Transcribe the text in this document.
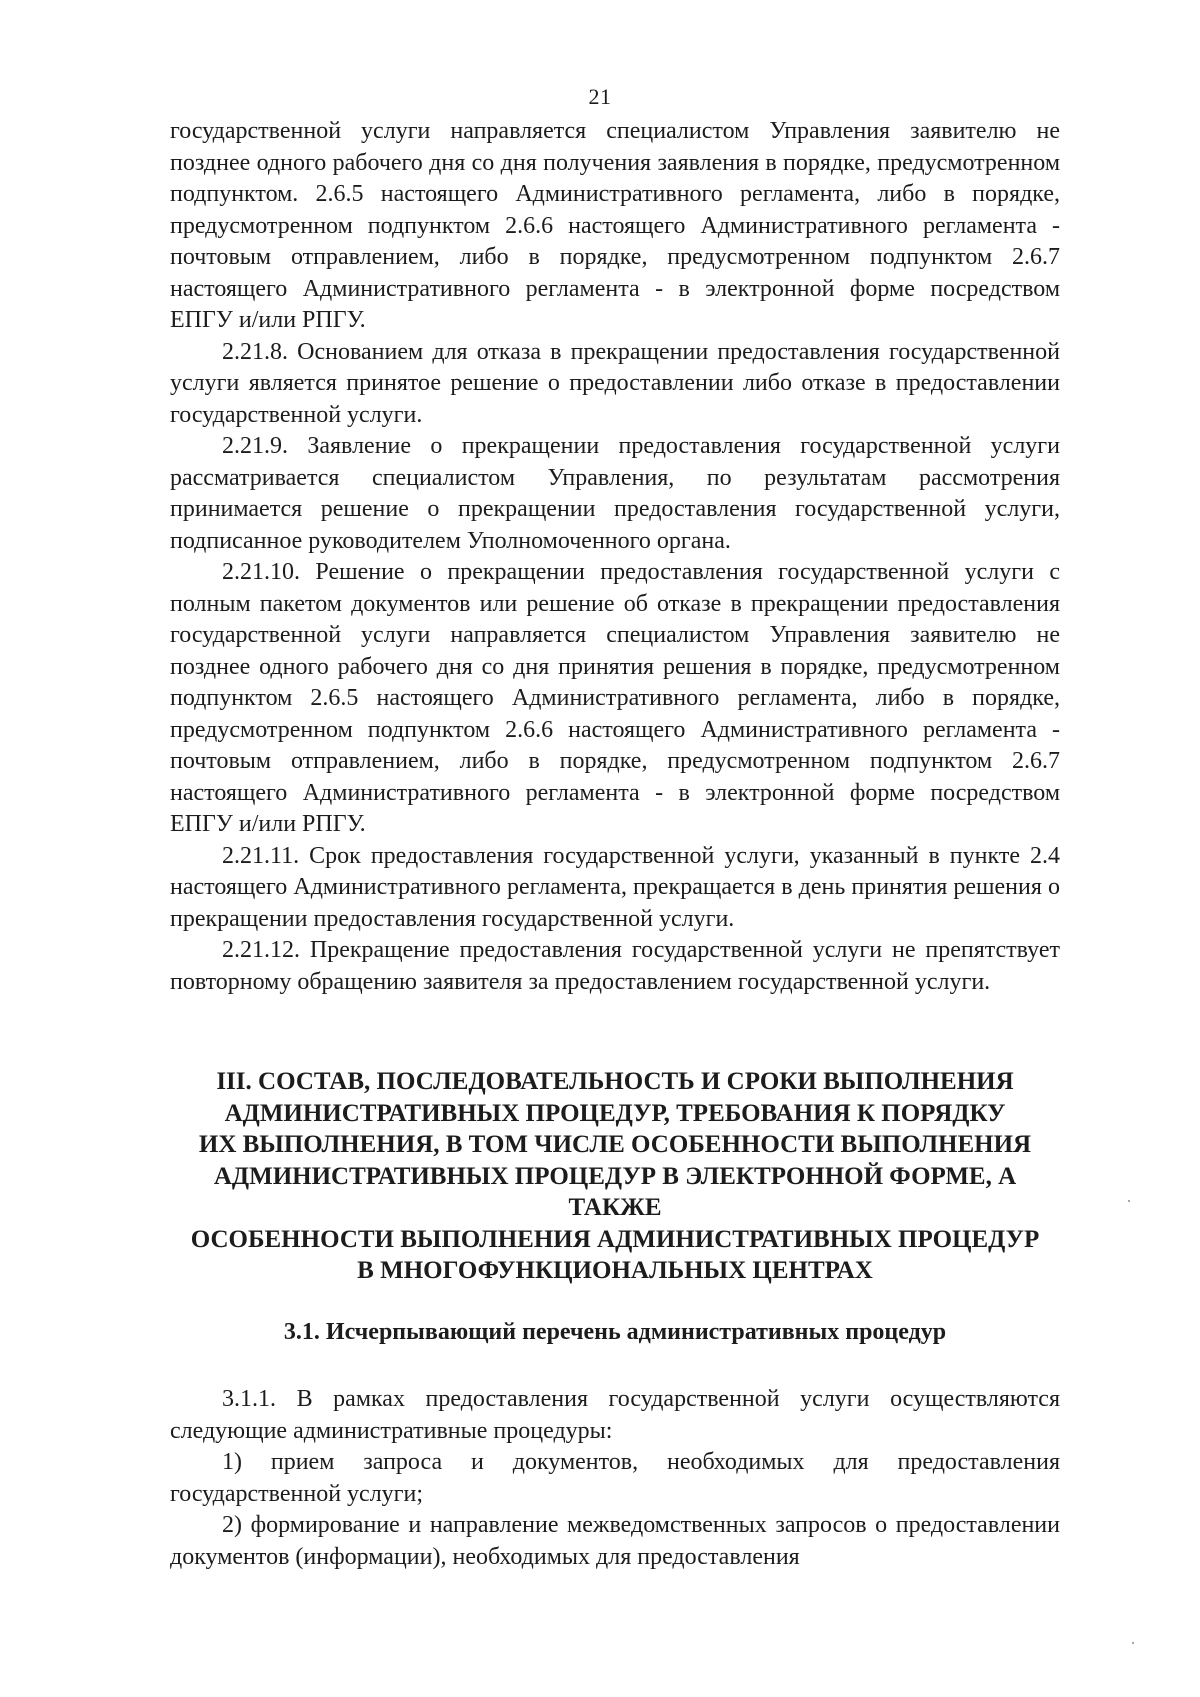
21

государственной услуги направляется специалистом Управления заявителю не позднее одного рабочего дня со дня получения заявления в порядке, предусмотренном подпунктом. 2.6.5 настоящего Административного регламента, либо в порядке, предусмотренном подпунктом 2.6.6 настоящего Административного регламента - почтовым отправлением, либо в порядке, предусмотренном подпунктом 2.6.7 настоящего Административного регламента - в электронной форме посредством ЕПГУ и/или РПГУ.

2.21.8. Основанием для отказа в прекращении предоставления государственной услуги является принятое решение о предоставлении либо отказе в предоставлении государственной услуги.

2.21.9. Заявление о прекращении предоставления государственной услуги рассматривается специалистом Управления, по результатам рассмотрения принимается решение о прекращении предоставления государственной услуги, подписанное руководителем Уполномоченного органа.

2.21.10. Решение о прекращении предоставления государственной услуги с полным пакетом документов или решение об отказе в прекращении предоставления государственной услуги направляется специалистом Управления заявителю не позднее одного рабочего дня со дня принятия решения в порядке, предусмотренном подпунктом 2.6.5 настоящего Административного регламента, либо в порядке, предусмотренном подпунктом 2.6.6 настоящего Административного регламента - почтовым отправлением, либо в порядке, предусмотренном подпунктом 2.6.7 настоящего Административного регламента - в электронной форме посредством ЕПГУ и/или РПГУ.

2.21.11. Срок предоставления государственной услуги, указанный в пункте 2.4 настоящего Административного регламента, прекращается в день принятия решения о прекращении предоставления государственной услуги.

2.21.12. Прекращение предоставления государственной услуги не препятствует повторному обращению заявителя за предоставлением государственной услуги.

III. СОСТАВ, ПОСЛЕДОВАТЕЛЬНОСТЬ И СРОКИ ВЫПОЛНЕНИЯ
АДМИНИСТРАТИВНЫХ ПРОЦЕДУР, ТРЕБОВАНИЯ К ПОРЯДКУ
ИХ ВЫПОЛНЕНИЯ, В ТОМ ЧИСЛЕ ОСОБЕННОСТИ ВЫПОЛНЕНИЯ
АДМИНИСТРАТИВНЫХ ПРОЦЕДУР В ЭЛЕКТРОННОЙ ФОРМЕ, А
ТАКЖЕ
ОСОБЕННОСТИ ВЫПОЛНЕНИЯ АДМИНИСТРАТИВНЫХ ПРОЦЕДУР
В МНОГОФУНКЦИОНАЛЬНЫХ ЦЕНТРАХ
3.1. Исчерпывающий перечень административных процедур

3.1.1. В рамках предоставления государственной услуги осуществляются следующие административные процедуры:

1) прием запроса и документов, необходимых для предоставления государственной услуги;

2) формирование и направление межведомственных запросов о предоставлении документов (информации), необходимых для предоставления
